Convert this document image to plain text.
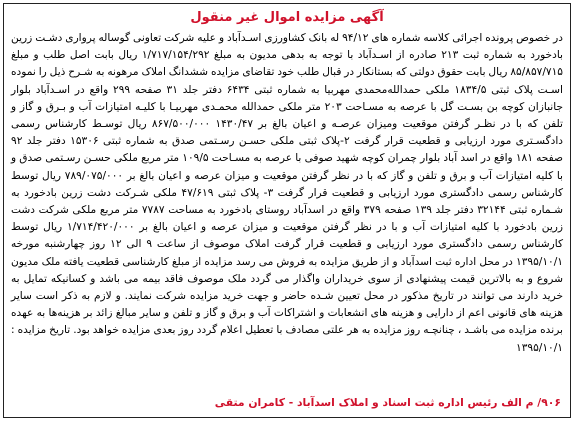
آگهی مزایده اموال غیر منقول
در خصوص پرونده اجرائی کلاسه شماره های ۹۴/۱۲ له بانک کشاورزی اسـدآباد و علیه شرکت تعاونی گوساله پرواری دشـت زرین بادخورد به شماره ثبت ۲۱۳ صادره از اسـدآباد با توجه به بدهی مدیون به مبلغ ۱/۷۱۷/۱۵۴/۲۹۲ ریال بابت اصل طلب و مبلغ ۸۵/۸۵۷/۷۱۵ ریال بابت حقوق دولتی که بستانکار در قبال طلب خود تقاضای مزایده ششدانگ املاک مرهونه به شـرح ذیل را نموده اسـت پلاک ثبتی ۱۸۳۴/۵ ملکی حمدالله‌محمدی مهربیا به شماره ثبتی ۶۴۳۴ دفتر جلد ۳۱ صفحه ۲۹۹ واقع در اسـدآباد بلوار جانبازان کوچه بن بسـت گل با عرصه به مسـاحت ۲۰۳ متر ملکی حمدالله محمـدی مهربیـا با کلیـه امتیازات آب و بـرق و گاز و تلفن که با در نظـر گرفتن موقعیت ومیزان عرصـه و اعیان بالغ بر ۱۴۳۰/۴۷ ۸۶۷/۵۰۰/۰۰۰ ریال توسـط کارشناس رسمی دادگسـتری مورد ارزیابی و قطعیت قرار گرفت ۲-پلاک ثبتی ملکی حسـن رسـتمی صدق به شماره ثبتی ۱۵۳۰۶ دفتر جلد ۹۲ صفحه ۱۸۱ واقع در اسد آباد بلوار چمران کوچه شهید صوفی با عرصه به مسـاحت ۱۰۹/۵ متر مربع ملکی حسـن رسـتمی صدق و با کلیه امتیازات آب و برق و تلفن و گاز که با در نظر گرفتن موقعیت و میزان عرصه و اعیان بالغ بر ۷۸۹/۰۷۵/۰۰۰ ریال توسط کارشناس رسمی دادگستری مورد ارزیابی و قطعیت قرار گرفت ۳- پلاک ثبتی ۴۷/۶۱۹ ملکی شـرکت دشت زرین بادخورد به شـماره ثبتی ۳۲۱۴۴ دفتر جلد ۱۳۹ صفحه ۳۷۹ واقع در اسدآباد روستای بادخورد به مساحت ۷۷۸۷ متر مربع ملکی شرکت دشت زرین بادخورد با کلیه امتیازات آب و با در نظر گرفتن موقعیت و میزان عرصه و اعیان بالغ بر ۱/۷۱۴/۴۲۰/۰۰۰ ریال توسط کارشناس رسمی دادگستری مورد ارزیابی و قطعیت قرار گرفت املاک موصوف از ساعت ۹ الی ۱۲ روز چهارشنبه مورخه ۱۳۹۵/۱۰/۱ در محل اداره ثبت اسدآباد و از طریق مزایده به فروش می رسد مزایده از مبلغ کارشناسی قطعیت یافته ملک مدیون شروع و به بالاترین قیمت پیشنهادی از سوی خریداران واگذار می گردد ملک موصوف فاقد بیمه می باشد و کسانیکه تمایل به خرید دارند می توانند در تاریخ مذکور در محل تعیین شـده حاضر و جهت خرید مزایده شرکت نمایند. و لازم به ذکر است سایر هزینه های قانونی اعم از دارایی و هزینه های انشعابات و اشتراکات آب و برق و گاز و تلفن و سایر مبالغ زائد بر هزینه‌ها به عهده برنده مزایده می باشـد ، چنانچـه روز مزایده به هر علتی مصادف با تعطیل اعلام گردد روز بعدی مزایده خواهد بود. تاریخ مزایده : ۱۳۹۵/۱۰/۱
۹۰۶/ م الف رئیس اداره ثبت اسناد و املاک اسدآباد - کامران متقی
